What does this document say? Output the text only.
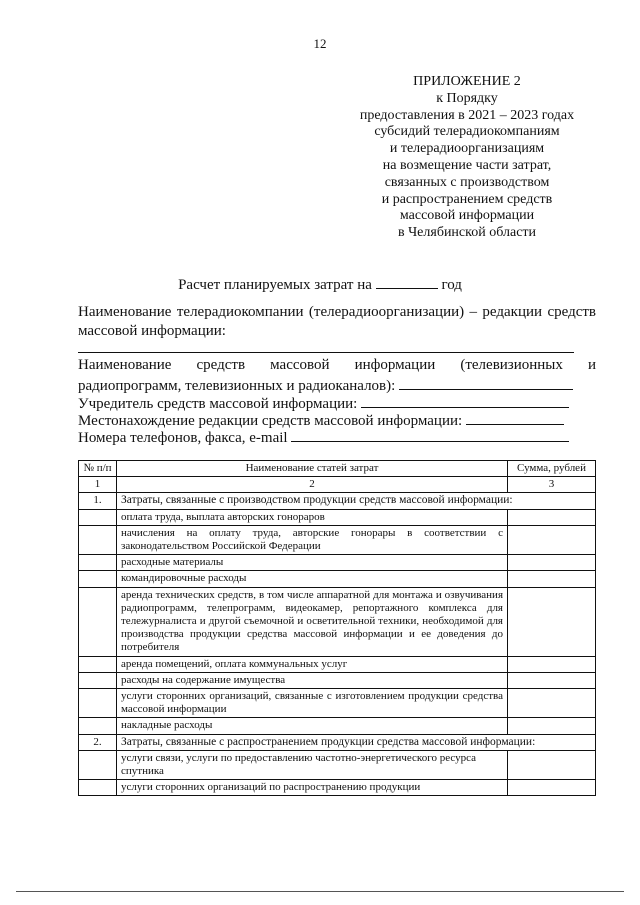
12
ПРИЛОЖЕНИЕ 2
к Порядку
предоставления в 2021 – 2023 годах
субсидий телерадиокомпаниям
и телерадиоорганизациям
на возмещение части затрат,
связанных с производством
и распространением средств
массовой информации
в Челябинской области
Расчет планируемых затрат на	год
Наименование телерадиокомпании (телерадиоорганизации) – редакции средств
массовой информации:
Наименование средств массовой информации (телевизионных и
радиопрограмм, телевизионных и радиоканалов):
Учредитель средств массовой информации:
Местонахождение редакции средств массовой информации:
Номера телефонов, факса, e-mail
№ п/п	Наименование статей затрат	Сумма, рублей
1	2	3
1.	Затраты, связанные с производством продукции средств массовой информации:	
	оплата труда, выплата авторских гонораров	
	начисления на оплату труда, авторские гонорары в соответствии с законодательством Российской Федерации	
	расходные материалы	
	командировочные расходы	
	аренда технических средств, в том числе аппаратной для монтажа и озвучивания радиопрограмм, телепрограмм, видеокамер, репортажного комплекса для тележурналиста и другой съемочной и осветительной техники, необходимой для производства продукции средства массовой информации и ее доведения до потребителя	
	аренда помещений, оплата коммунальных услуг	
	расходы на содержание имущества	
	услуги сторонних организаций, связанные с изготовлением продукции средства массовой информации	
	накладные расходы	
2.	Затраты, связанные с распространением продукции средства массовой информации:	
	услуги связи, услуги по предоставлению частотно-энергетического ресурса спутника	
	услуги сторонних организаций по распространению продукции	
